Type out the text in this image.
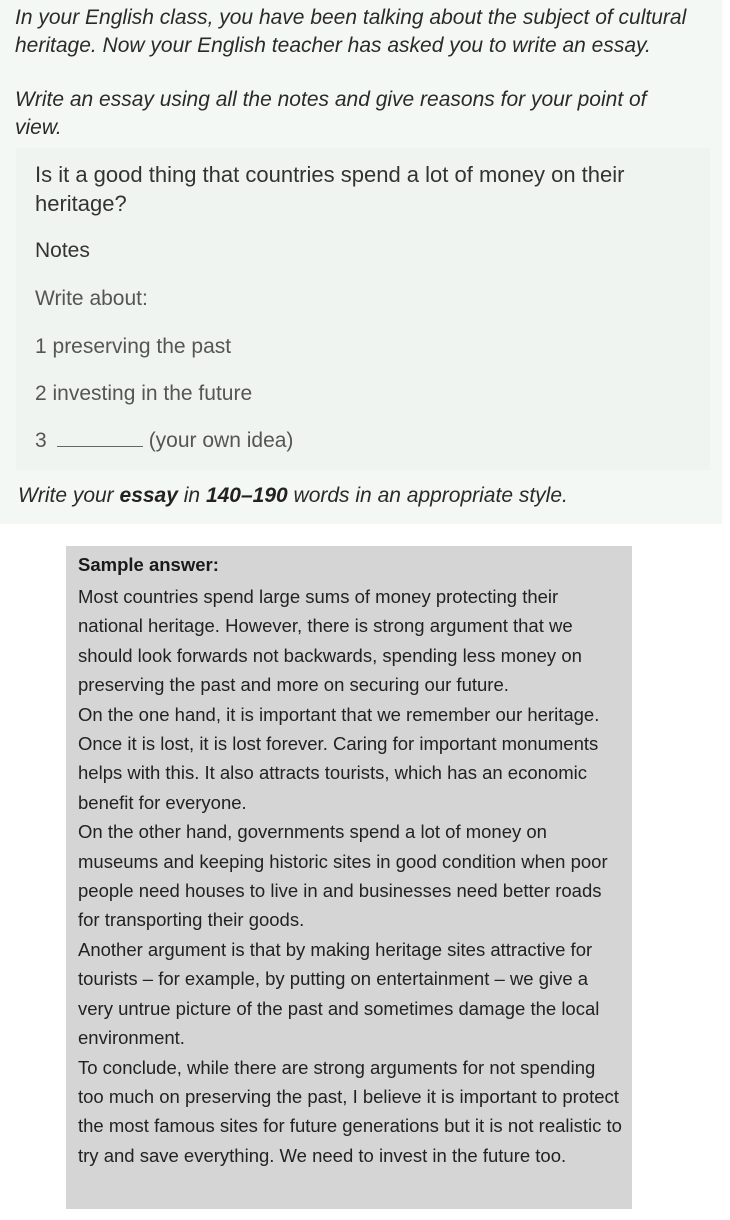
In your English class, you have been talking about the subject of cultural heritage. Now your English teacher has asked you to write an essay.
Write an essay using all the notes and give reasons for your point of view.
Is it a good thing that countries spend a lot of money on their heritage?
Notes
Write about:
1 preserving the past
2 investing in the future
3	(your own idea)
Write your essay in 140–190 words in an appropriate style.
Sample answer:

Most countries spend large sums of money protecting their national heritage. However, there is strong argument that we should look forwards not backwards, spending less money on preserving the past and more on securing our future.

On the one hand, it is important that we remember our heritage. Once it is lost, it is lost forever. Caring for important monuments helps with this. It also attracts tourists, which has an economic benefit for everyone.

On the other hand, governments spend a lot of money on museums and keeping historic sites in good condition when poor people need houses to live in and businesses need better roads for transporting their goods.

Another argument is that by making heritage sites attractive for tourists – for example, by putting on entertainment – we give a very untrue picture of the past and sometimes damage the local environment.

To conclude, while there are strong arguments for not spending too much on preserving the past, I believe it is important to protect the most famous sites for future generations but it is not realistic to try and save everything. We need to invest in the future too.
